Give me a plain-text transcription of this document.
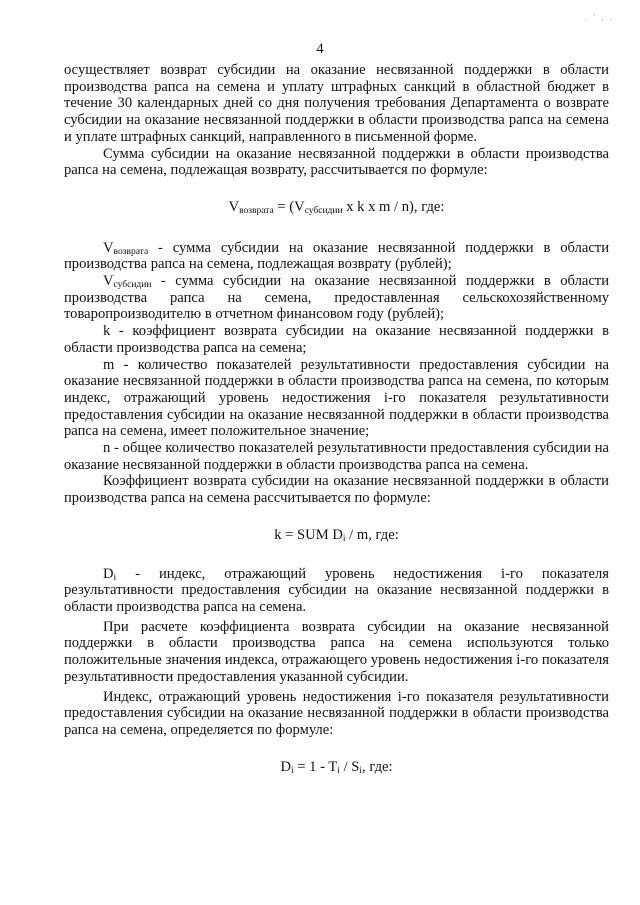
. ' . .
4

осуществляет возврат субсидии на оказание несвязанной поддержки в области производства рапса на семена и уплату штрафных санкций в областной бюджет в течение 30 календарных дней со дня получения требования Департамента о возврате субсидии на оказание несвязанной поддержки в области производства рапса на семена и уплате штрафных санкций, направленного в письменной форме.

Сумма субсидии на оказание несвязанной поддержки в области производства рапса на семена, подлежащая возврату, рассчитывается по формуле:

$V_{возврата} = (V_{субсидии}$ x k x m / n), где:

$V_{возврата}$ - сумма субсидии на оказание несвязанной поддержки в области производства рапса на семена, подлежащая возврату (рублей);

$V_{субсидии}$ - сумма субсидии на оказание несвязанной поддержки в области производства рапса на семена, предоставленная сельскохозяйственному товаропроизводителю в отчетном финансовом году (рублей);

k - коэффициент возврата субсидии на оказание несвязанной поддержки в области производства рапса на семена;

m - количество показателей результативности предоставления субсидии на оказание несвязанной поддержки в области производства рапса на семена, по которым индекс, отражающий уровень недостижения i-го показателя результативности предоставления субсидии на оказание несвязанной поддержки в области производства рапса на семена, имеет положительное значение;

n - общее количество показателей результативности предоставления субсидии на оказание несвязанной поддержки в области производства рапса на семена.

Коэффициент возврата субсидии на оказание несвязанной поддержки в области производства рапса на семена рассчитывается по формуле:

k = SUM $D_i$ / m, где:

$D_i$ - индекс, отражающий уровень недостижения i-го показателя результативности предоставления субсидии на оказание несвязанной поддержки в области производства рапса на семена.

При расчете коэффициента возврата субсидии на оказание несвязанной поддержки в области производства рапса на семена используются только положительные значения индекса, отражающего уровень недостижения i-го показателя результативности предоставления указанной субсидии.

Индекс, отражающий уровень недостижения i-го показателя результативности предоставления субсидии на оказание несвязанной поддержки в области производства рапса на семена, определяется по формуле:

$D_i = 1 - T_i / S_i$, где:
